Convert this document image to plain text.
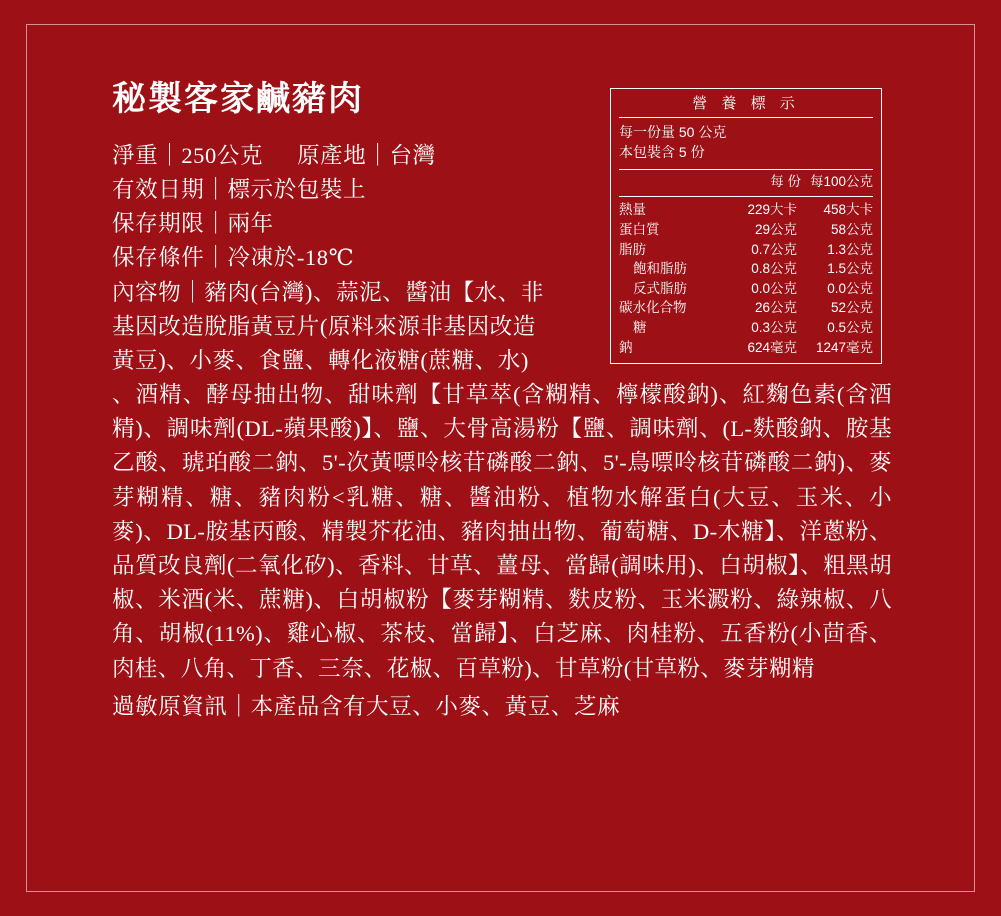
秘製客家鹹豬肉
淨重｜250公克 原產地｜台灣
有效日期｜標示於包裝上
保存期限｜兩年
保存條件｜冷凍於-18℃
內容物｜豬肉(台灣)、蒜泥、醬油【水、非
基因改造脫脂黃豆片(原料來源非基因改造
黃豆)、小麥、食鹽、轉化液糖(蔗糖、水)
、酒精、酵母抽出物、甜味劑【甘草萃(含糊精、檸檬酸鈉)、紅麴色素(含酒精)、調味劑(DL-蘋果酸)】、鹽、大骨高湯粉【鹽、調味劑、(L-麩酸鈉、胺基乙酸、琥珀酸二鈉、5'-次黃嘌呤核苷磷酸二鈉、5'-鳥嘌呤核苷磷酸二鈉)、麥芽糊精、糖、豬肉粉<乳糖、糖、醬油粉、植物水解蛋白(大豆、玉米、小麥)、DL-胺基丙酸、精製芥花油、豬肉抽出物、葡萄糖、D-木糖】、洋蔥粉、品質改良劑(二氧化矽)、香料、甘草、薑母、當歸(調味用)、白胡椒】、粗黑胡椒、米酒(米、蔗糖)、白胡椒粉【麥芽糊精、麩皮粉、玉米澱粉、綠辣椒、八角、胡椒(11%)、雞心椒、茶枝、當歸】、白芝麻、肉桂粉、五香粉(小茴香、肉桂、八角、丁香、三奈、花椒、百草粉)、甘草粉(甘草粉、麥芽糊精
過敏原資訊｜本產品含有大豆、小麥、黃豆、芝麻
營 養 標 示
每一份量 50 公克
本包裝含 5 份
每 份 每100公克
熱量	229大卡	458大卡
蛋白質	29公克	58公克
脂肪	0.7公克	1.3公克
飽和脂肪	0.8公克	1.5公克
反式脂肪	0.0公克	0.0公克
碳水化合物	26公克	52公克
糖	0.3公克	0.5公克
鈉	624毫克	1247毫克
